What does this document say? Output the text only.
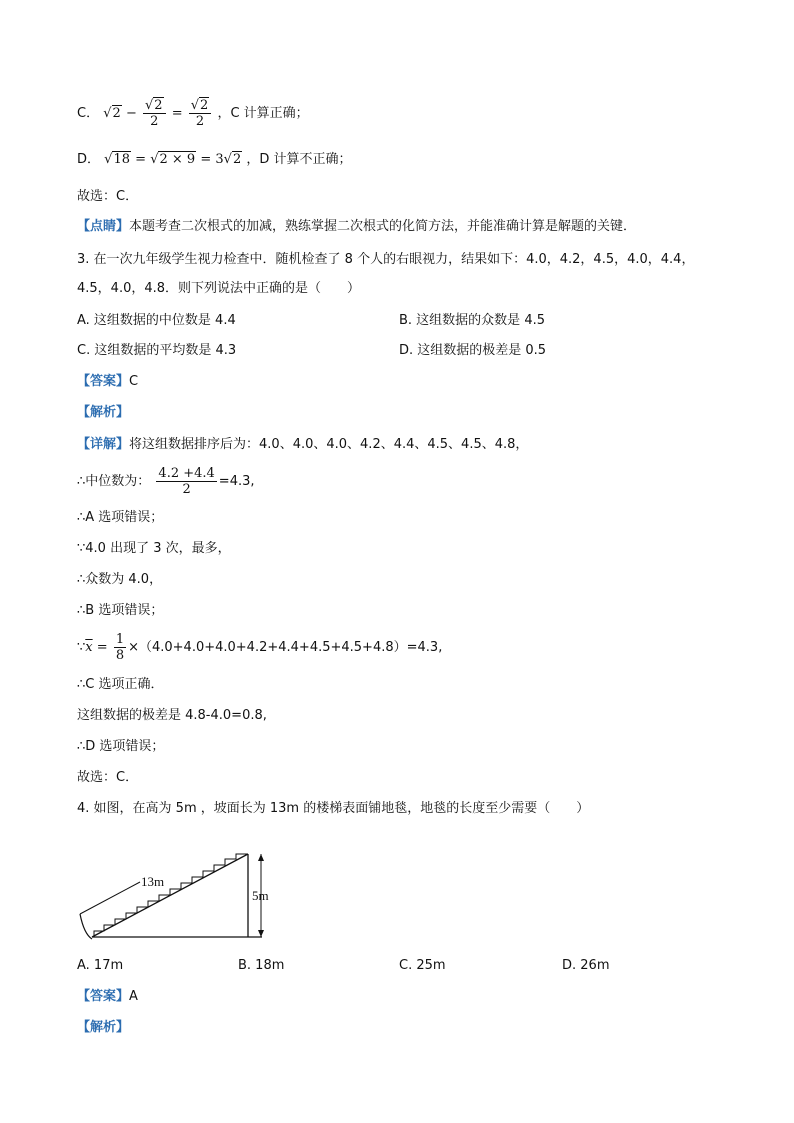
C． $√2 - \frac{√2}{2} = \frac{√2}{2}$ ，C 计算正确；
D． √18 = √2 × 9 = 3√2 ，D 计算不正确；
故选：C．
【点睛】本题考查二次根式的加减，熟练掌握二次根式的化简方法，并能准确计算是解题的关键．
3. 在一次九年级学生视力检查中．随机检查了 8 个人的右眼视力，结果如下：4.0，4.2，4.5，4.0，4.4，
4.5，4.0，4.8．则下列说法中正确的是（　　）
A. 这组数据的中位数是 4.4	B. 这组数据的众数是 4.5
C. 这组数据的平均数是 4.3	D. 这组数据的极差是 0.5
【答案】C
【解析】
【详解】将这组数据排序后为：4.0、4.0、4.0、4.2、4.4、4.5、4.5、4.8，
∴中位数为： $\frac{4.2 +4.4}{2} =4.3$,
∴A 选项错误；
∵4.0 出现了 3 次，最多，
∴众数为 4.0，
∴B 选项错误；
$\because\overline{x} = \frac{1}{8} \times(4.0+4.0+4.0+4.2+4.4+4.5+4.5+4.8)=4.3$,
∴C 选项正确．
这组数据的极差是 4.8-4.0=0.8,
∴D 选项错误；
故选：C．
4. 如图，在高为 5m ，坡面长为 13m 的楼梯表面铺地毯，地毯的长度至少需要（　　）
13m
5m
A. 17m	B. 18m	C. 25m	D. 26m
【答案】A
【解析】
